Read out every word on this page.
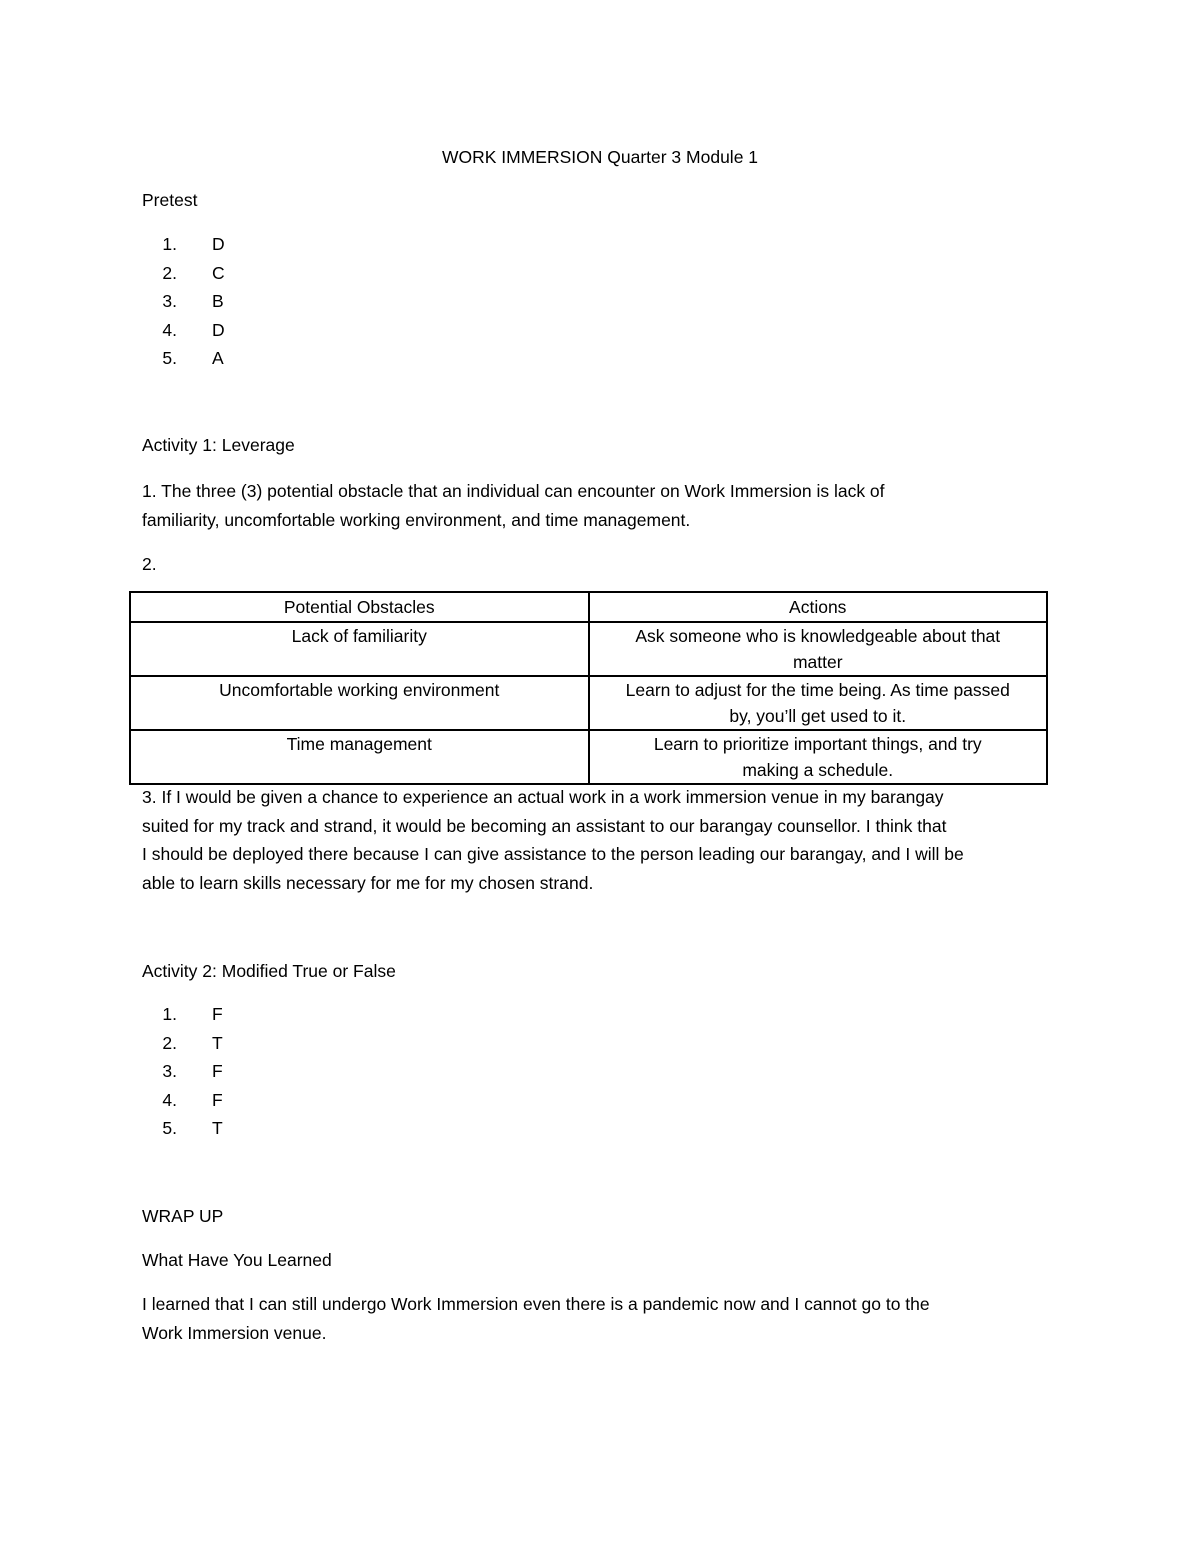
WORK IMMERSION Quarter 3 Module 1
Pretest
1. D
2. C
3. B
4. D
5. A
Activity 1: Leverage
1. The three (3) potential obstacle that an individual can encounter on Work Immersion is lack of
familiarity, uncomfortable working environment, and time management.
2.
Potential Obstacles	Actions
Lack of familiarity	Ask someone who is knowledgeable about that
matter

Uncomfortable working environment	Learn to adjust for the time being. As time passed
by, you’ll get used to it.

Time management	Learn to prioritize important things, and try
making a schedule.
3. If I would be given a chance to experience an actual work in a work immersion venue in my barangay
suited for my track and strand, it would be becoming an assistant to our barangay counsellor. I think that
I should be deployed there because I can give assistance to the person leading our barangay, and I will be
able to learn skills necessary for me for my chosen strand.
Activity 2: Modified True or False
1. F
2. T
3. F
4. F
5. T
WRAP UP
What Have You Learned
I learned that I can still undergo Work Immersion even there is a pandemic now and I cannot go to the
Work Immersion venue.
